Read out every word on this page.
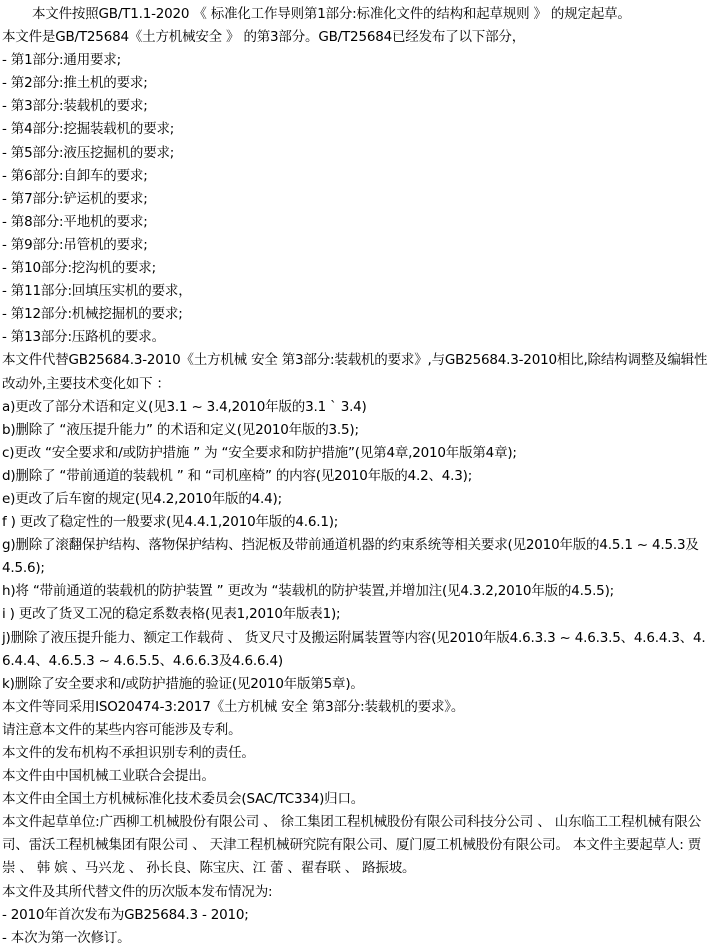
本文件按照GB/T1.1-2020 《 标准化工作导则第1部分:标准化文件的结构和起草规则 》 的规定起草。
本文件是GB/T25684《土方机械安全 》 的第3部分。GB/T25684已经发布了以下部分，
- 第1部分:通用要求;
- 第2部分:推土机的要求;
- 第3部分:装载机的要求;
- 第4部分:挖掘装载机的要求;
- 第5部分:液压挖掘机的要求;
- 第6部分:自卸车的要求;
- 第7部分:铲运机的要求;
- 第8部分:平地机的要求;
- 第9部分:吊管机的要求;
- 第10部分:挖沟机的要求;
- 第11部分:回填压实机的要求，
- 第12部分:机械挖掘机的要求;
- 第13部分:压路机的要求。
本文件代替GB25684.3-2010《土方机械 安全 第3部分:装载机的要求》,与GB25684.3-2010相比,除结构调整及编辑性改动外,主要技术变化如下 ：
a)更改了部分术语和定义(见3.1 ~ 3.4,2010年版的3.1 ` 3.4)
b)删除了 “液压提升能力” 的术语和定义(见2010年版的3.5);
c)更改 “安全要求和/或防护措施 ” 为 “安全要求和防护措施”(见第4章,2010年版第4章);
d)删除了 “带前通道的装载机 ” 和 “司机座椅” 的内容(见2010年版的4.2、4.3);
e)更改了后车窗的规定(见4.2,2010年版的4.4);
f ) 更改了稳定性的一般要求(见4.4.1,2010年版的4.6.1);
g)删除了滚翻保护结构、落物保护结构、挡泥板及带前通道机器的约束系统等相关要求(见2010年版的4.5.1 ~ 4.5.3及4.5.6);
h)将 “带前通道的装载机的防护装置 ” 更改为 “装载机的防护装置,并增加注(见4.3.2,2010年版的4.5.5);
i ) 更改了货叉工况的稳定系数表格(见表1,2010年版表1);
j)删除了液压提升能力、额定工作载荷 、 货叉尺寸及搬运附属装置等内容(见2010年版4.6.3.3 ~ 4.6.3.5、4.6.4.3、4.6.4.4、4.6.5.3 ~ 4.6.5.5、4.6.6.3及4.6.6.4)
k)删除了安全要求和/或防护措施的验证(见2010年版第5章)。
本文件等同采用ISO20474-3:2017《土方机械 安全 第3部分:装载机的要求》。
请注意本文件的某些内容可能涉及专利。
本文件的发布机构不承担识别专利的责任。
本文件由中国机械工业联合会提出。
本文件由全国土方机械标准化技术委员会(SAC/TC334)归口。
本文件起草单位:广西柳工机械股份有限公司 、 徐工集团工程机械股份有限公司科技分公司 、 山东临工工程机械有限公司、雷沃工程机械集团有限公司 、 天津工程机械研究院有限公司、厦门厦工机械股份有限公司。 本文件主要起草人: 贾 崇 、 韩 嫔 、马兴龙 、 孙长良、陈宝庆、江 蕾 、翟春联 、 路振坡。
本文件及其所代替文件的历次版本发布情况为:
- 2010年首次发布为GB25684.3 - 2010;
- 本次为第一次修订。
